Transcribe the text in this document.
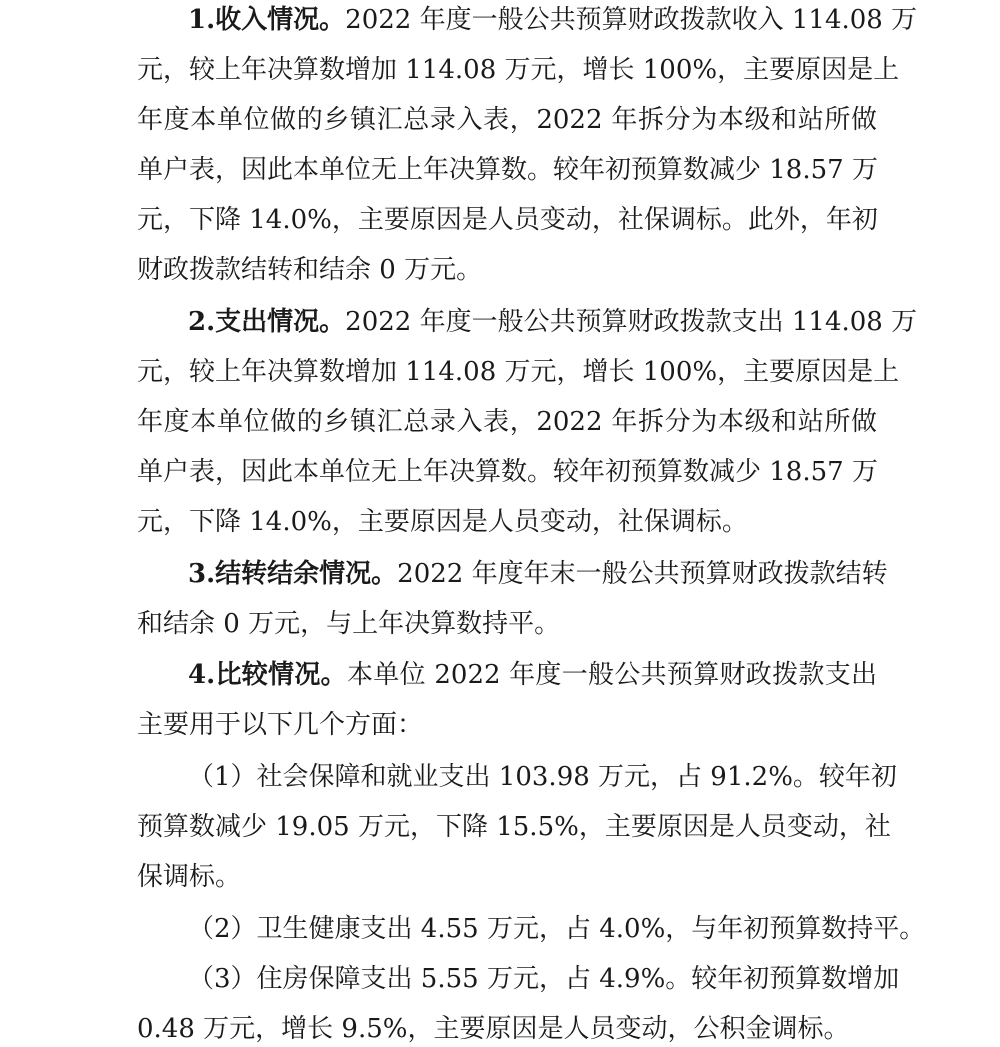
1.收入情况。2022 年度一般公共预算财政拨款收入 114.08 万
元，较上年决算数增加 114.08 万元，增长 100%，主要原因是上
年度本单位做的乡镇汇总录入表，2022 年拆分为本级和站所做
单户表，因此本单位无上年决算数。较年初预算数减少 18.57 万
元，下降 14.0%，主要原因是人员变动，社保调标。此外，年初
财政拨款结转和结余 0 万元。
2.支出情况。2022 年度一般公共预算财政拨款支出 114.08 万
元，较上年决算数增加 114.08 万元，增长 100%，主要原因是上
年度本单位做的乡镇汇总录入表，2022 年拆分为本级和站所做
单户表，因此本单位无上年决算数。较年初预算数减少 18.57 万
元，下降 14.0%，主要原因是人员变动，社保调标。
3.结转结余情况。2022 年度年末一般公共预算财政拨款结转
和结余 0 万元，与上年决算数持平。
4.比较情况。本单位 2022 年度一般公共预算财政拨款支出
主要用于以下几个方面：
（1）社会保障和就业支出 103.98 万元，占 91.2%。较年初
预算数减少 19.05 万元，下降 15.5%，主要原因是人员变动，社
保调标。
（2）卫生健康支出 4.55 万元，占 4.0%，与年初预算数持平。
（3）住房保障支出 5.55 万元，占 4.9%。较年初预算数增加
0.48 万元，增长 9.5%，主要原因是人员变动，公积金调标。
